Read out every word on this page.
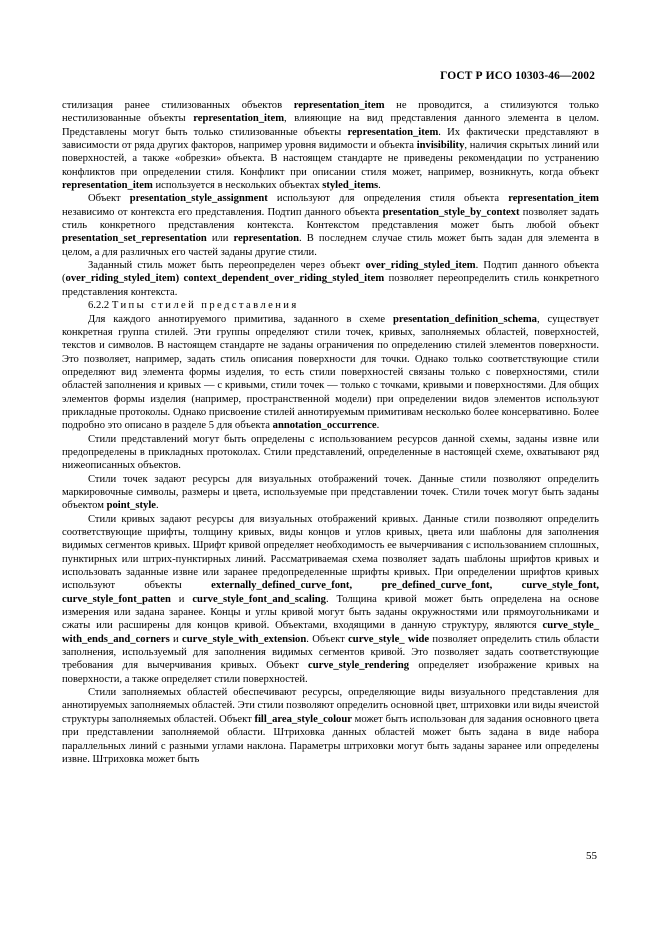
ГОСТ Р ИСО 10303-46—2002

стилизация ранее стилизованных объектов representation_item не проводится, а стилизуются только нестилизованные объекты representation_item, влияющие на вид представления данного элемента в целом. Представлены могут быть только стилизованные объекты representation_item. Их фактически представляют в зависимости от ряда других факторов, например уровня видимости и объекта invisibility, наличия скрытых линий или поверхностей, а также «обрезки» объекта. В настоящем стандарте не приведены рекомендации по устранению конфликтов при определении стиля. Конфликт при описании стиля может, например, возникнуть, когда объект representation_item используется в нескольких объектах styled_items.

Объект presentation_style_assignment используют для определения стиля объекта representation_item независимо от контекста его представления. Подтип данного объекта presentation_style_by_context позволяет задать стиль конкретного представления контекста. Контекстом представления может быть любой объект presentation_set_representation или representation. В последнем случае стиль может быть задан для элемента в целом, а для различных его частей заданы другие стили.

Заданный стиль может быть переопределен через объект over_riding_styled_item. Подтип данного объекта (over_riding_styled_item) context_dependent_over_riding_styled_item позволяет переопределить стиль конкретного представления контекста.

6.2.2 Типы стилей представления

Для каждого аннотируемого примитива, заданного в схеме presentation_definition_schema, существует конкретная группа стилей. Эти группы определяют стили точек, кривых, заполняемых областей, поверхностей, текстов и символов. В настоящем стандарте не заданы ограничения по определению стилей элементов поверхности. Это позволяет, например, задать стиль описания поверхности для точки. Однако только соответствующие стили определяют вид элемента формы изделия, то есть стили поверхностей связаны только с поверхностями, стили областей заполнения и кривых — с кривыми, стили точек — только с точками, кривыми и поверхностями. Для общих элементов формы изделия (например, пространственной модели) при определении видов элементов используют прикладные протоколы. Однако присвоение стилей аннотируемым примитивам несколько более консервативно. Более подробно это описано в разделе 5 для объекта annotation_occurrence.

Стили представлений могут быть определены с использованием ресурсов данной схемы, заданы извне или предопределены в прикладных протоколах. Стили представлений, определенные в настоящей схеме, охватывают ряд нижеописанных объектов.

Стили точек задают ресурсы для визуальных отображений точек. Данные стили позволяют определить маркировочные символы, размеры и цвета, используемые при представлении точек. Стили точек могут быть заданы объектом point_style.

Стили кривых задают ресурсы для визуальных отображений кривых. Данные стили позволяют определить соответствующие шрифты, толщину кривых, виды концов и углов кривых, цвета или шаблоны для заполнения видимых сегментов кривых. Шрифт кривой определяет необходимость ее вычерчивания с использованием сплошных, пунктирных или штрих-пунктирных линий. Рассматриваемая схема позволяет задать шаблоны шрифтов кривых и использовать заданные извне или заранее предопределенные шрифты кривых. При определении шрифтов кривых используют объекты externally_defined_curve_font, pre_defined_curve_font, curve_style_font, curve_style_font_patten и curve_style_font_and_scaling. Толщина кривой может быть определена на основе измерения или задана заранее. Концы и углы кривой могут быть заданы окружностями или прямоугольниками и сжаты или расширены для концов кривой. Объектами, входящими в данную структуру, являются curve_style_ with_ends_and_corners и curve_style_with_extension. Объект curve_style_ wide позволяет определить стиль области заполнения, используемый для заполнения видимых сегментов кривой. Это позволяет задать соответствующие требования для вычерчивания кривых. Объект curve_style_rendering определяет изображение кривых на поверхности, а также определяет стили поверхностей.

Стили заполняемых областей обеспечивают ресурсы, определяющие виды визуального представления для аннотируемых заполняемых областей. Эти стили позволяют определить основной цвет, штриховки или виды ячеистой структуры заполняемых областей. Объект fill_area_style_colour может быть использован для задания основного цвета при представлении заполняемой области. Штриховка данных областей может быть задана в виде набора параллельных линий с разными углами наклона. Параметры штриховки могут быть заданы заранее или определены извне. Штриховка может быть

55
